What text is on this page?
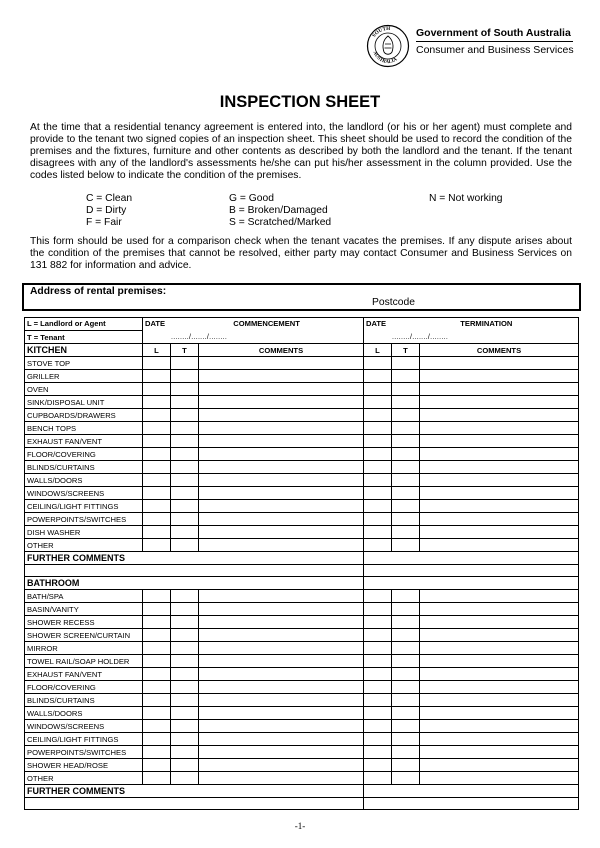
SOUTH
AUSTRALIA
Government of South Australia
Consumer and Business Services
INSPECTION SHEET

At the time that a residential tenancy agreement is entered into, the landlord (or his or her agent) must complete and provide to the tenant two signed copies of an inspection sheet. This sheet should be used to record the condition of the premises and the fixtures, furniture and other contents as described by both the landlord and the tenant. If the tenant disagrees with any of the landlord's assessments he/she can put his/her assessment in the column provided. Use the codes listed below to indicate the condition of the premises.

C = Clean
D = Dirty
F = Fair
G = Good
B = Broken/Damaged
S = Scratched/Marked
N = Not working

This form should be used for a comparison check when the tenant vacates the premises. If any dispute arises about the condition of the premises that cannot be resolved, either party may contact Consumer and Business Services on 131 882 for information and advice.

Address of rental premises:
Postcode
L = Landlord or Agent	DATE COMMENCEMENT			DATE TERMINATION		
T = Tenant	......../......./........			......../......./........		
KITCHEN	L	T	COMMENTS	L	T	COMMENTS
STOVE TOP						
GRILLER						
OVEN						
SINK/DISPOSAL UNIT						
CUPBOARDS/DRAWERS						
BENCH TOPS						
EXHAUST FAN/VENT						
FLOOR/COVERING						
BLINDS/CURTAINS						
WALLS/DOORS						
WINDOWS/SCREENS						
CEILING/LIGHT FITTINGS						
POWERPOINTS/SWITCHES						
DISH WASHER						
OTHER						
FURTHER COMMENTS						

BATHROOM						
BATH/SPA						
BASIN/VANITY						
SHOWER RECESS						
SHOWER SCREEN/CURTAIN						
MIRROR						
TOWEL RAIL/SOAP HOLDER						
EXHAUST FAN/VENT						
FLOOR/COVERING						
BLINDS/CURTAINS						
WALLS/DOORS						
WINDOWS/SCREENS						
CEILING/LIGHT FITTINGS						
POWERPOINTS/SWITCHES						
SHOWER HEAD/ROSE						
OTHER						
FURTHER COMMENTS						

-1-
